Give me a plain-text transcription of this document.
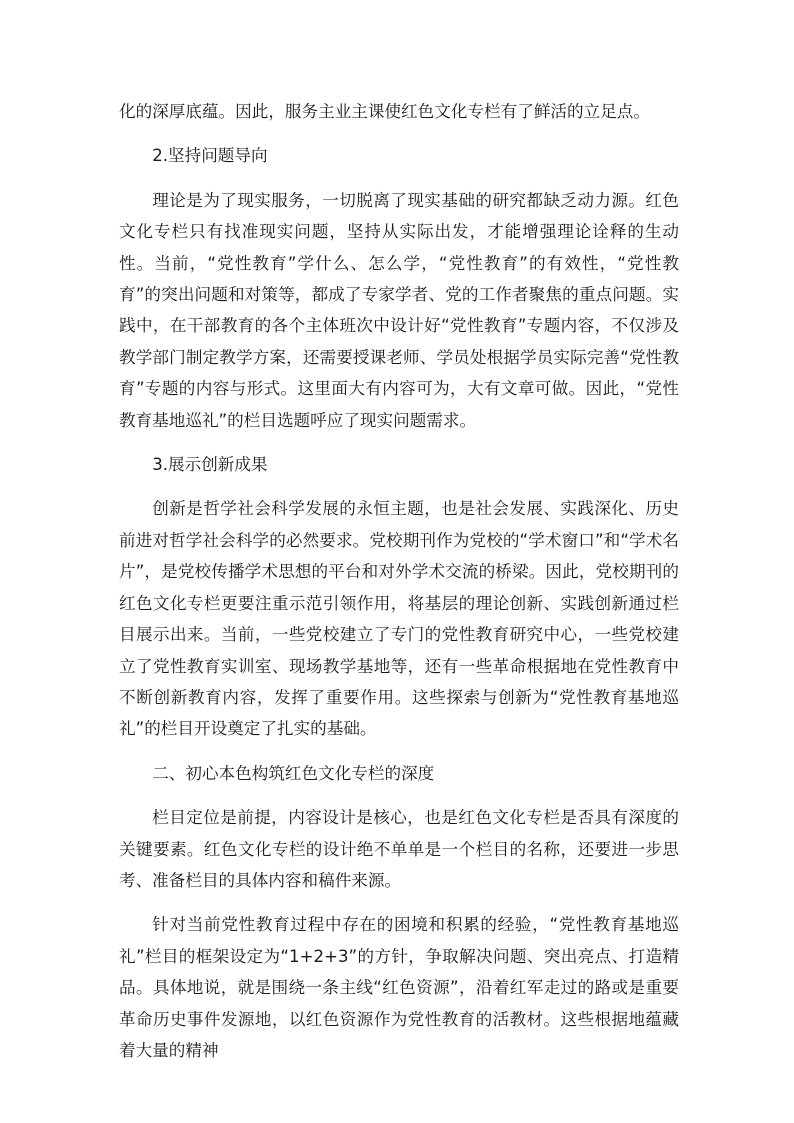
化的深厚底蕴。因此，服务主业主课使红色文化专栏有了鲜活的立足点。

2.坚持问题导向

理论是为了现实服务，一切脱离了现实基础的研究都缺乏动力源。红色文化专栏只有找准现实问题，坚持从实际出发，才能增强理论诠释的生动性。当前，“党性教育”学什么、怎么学，“党性教育”的有效性，“党性教育”的突出问题和对策等，都成了专家学者、党的工作者聚焦的重点问题。实践中，在干部教育的各个主体班次中设计好“党性教育”专题内容，不仅涉及教学部门制定教学方案，还需要授课老师、学员处根据学员实际完善“党性教育”专题的内容与形式。这里面大有内容可为，大有文章可做。因此，“党性教育基地巡礼”的栏目选题呼应了现实问题需求。

3.展示创新成果

创新是哲学社会科学发展的永恒主题，也是社会发展、实践深化、历史前进对哲学社会科学的必然要求。党校期刊作为党校的“学术窗口”和“学术名片”，是党校传播学术思想的平台和对外学术交流的桥梁。因此，党校期刊的红色文化专栏更要注重示范引领作用，将基层的理论创新、实践创新通过栏目展示出来。当前，一些党校建立了专门的党性教育研究中心，一些党校建立了党性教育实训室、现场教学基地等，还有一些革命根据地在党性教育中不断创新教育内容，发挥了重要作用。这些探索与创新为“党性教育基地巡礼”的栏目开设奠定了扎实的基础。

二、初心本色构筑红色文化专栏的深度

栏目定位是前提，内容设计是核心，也是红色文化专栏是否具有深度的关键要素。红色文化专栏的设计绝不单单是一个栏目的名称，还要进一步思考、准备栏目的具体内容和稿件来源。

针对当前党性教育过程中存在的困境和积累的经验，“党性教育基地巡礼”栏目的框架设定为“1+2+3”的方针，争取解决问题、突出亮点、打造精品。具体地说，就是围绕一条主线“红色资源”，沿着红军走过的路或是重要革命历史事件发源地，以红色资源作为党性教育的活教材。这些根据地蕴藏着大量的精神
